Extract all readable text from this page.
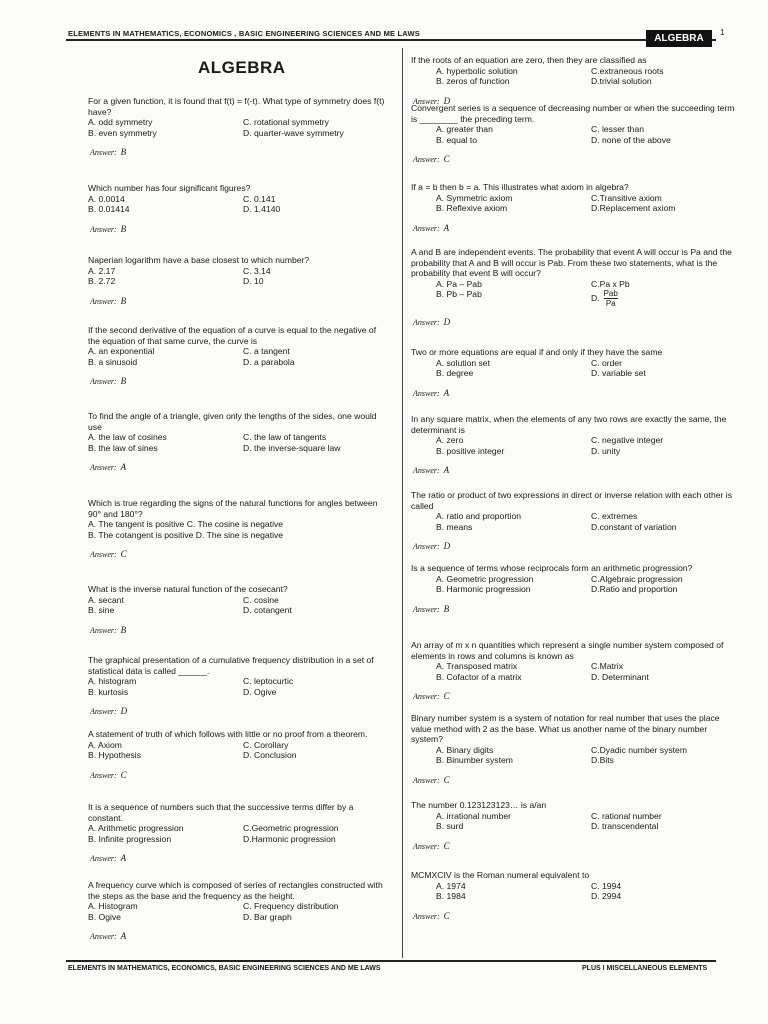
ELEMENTS IN MATHEMATICS, ECONOMICS , BASIC ENGINEERING SCIENCES AND ME LAWS	ALGEBRA
1
ALGEBRA

For a given function, it is found that f(t) = f(-t). What type of symmetry does f(t) have?

A. odd symmetry	C. rotational symmetry
B. even symmetry	D. quarter-wave symmetry
Answer: B

Which number has four significant figures?

A. 0.0014	C. 0.141
B. 0.01414	D. 1.4140
Answer: B

Naperian logarithm have a base closest to which number?

A. 2.17	C. 3.14
B. 2.72	D. 10
Answer: B

If the second derivative of the equation of a curve is equal to the negative of the equation of that same curve, the curve is

A. an exponential	C. a tangent
B. a sinusoid	D. a parabola
Answer: B

To find the angle of a triangle, given only the lengths of the sides, one would use

A. the law of cosines	C. the law of tangents
B. the law of sines	D. the inverse-square law
Answer: A

Which is true regarding the signs of the natural functions for angles between 90° and 180°?

A. The tangent is positive C. The cosine is negative
B. The cotangent is positive D. The sine is negative
Answer: C

What is the inverse natural function of the cosecant?

A. secant	C. cosine
B. sine	D. cotangent
Answer: B

The graphical presentation of a cumulative frequency distribution in a set of statistical data is called ______.

A. histogram	C. leptocurtic
B. kurtosis	D. Ogive
Answer: D

A statement of truth of which follows with little or no proof from a theorem.

A. Axiom	C. Corollary
B. Hypothesis	D. Conclusion
Answer: C

It is a sequence of numbers such that the successive terms differ by a constant.

A. Arithmetic progression	C.Geometric progression
B. Infinite progression	D.Harmonic progression
Answer: A

A frequency curve which is composed of series of rectangles constructed with the steps as the base and the frequency as the height.

A. Histogram	C. Frequency distribution
B. Ogive	D. Bar graph
Answer: A

If the roots of an equation are zero, then they are classified as

A. hyperbolic solution	C.extraneous roots
B. zeros of function	D.trivial solution
Answer: D

Convergent series is a sequence of decreasing number or when the succeeding term is ________ the preceding term.

A. greater than	C. lesser than
B. equal to	D. none of the above
Answer: C

If a = b then b = a. This illustrates what axiom in algebra?

A. Symmetric axiom	C.Transitive axiom
B. Reflexive axiom	D.Replacement axiom
Answer: A

A and B are independent events. The probability that event A will occur is Pa and the probability that A and B will occur is Pab. From these two statements, what is the probability that event B will occur?

A. Pa – Pab	C.Pa x Pb
B. Pb – Pab	D. $\frac{\text{Pab}}{Pa}$
Answer: D

Two or more equations are equal if and only if they have the same

A. solution set	C. order
B. degree	D. variable set
Answer: A

In any square matrix, when the elements of any two rows are exactly the same, the determinant is

A. zero	C. negative integer
B. positive integer	D. unity
Answer: A

The ratio or product of two expressions in direct or inverse relation with each other is called

A. ratio and proportion	C. extremes
B. means	D.constant of variation
Answer: D

Is a sequence of terms whose reciprocals form an arithmetic progression?

A. Geometric progression	C.Algebraic progression
B. Harmonic progression	D.Ratio and proportion
Answer: B

An array of m x n quantities which represent a single number system composed of elements in rows and columns is known as

A. Transposed matrix	C.Matrix
B. Cofactor of a matrix	D. Determinant
Answer: C

Binary number system is a system of notation for real number that uses the place value method with 2 as the base. What us another name of the binary number system?

A. Binary digits	C.Dyadic number system
B. Binumber system	D.Bits
Answer: C

The number 0.123123123… is a/an

A. irrational number	C. rational number
B. surd	D. transcendental
Answer: C

MCMXCIV is the Roman numeral equivalent to

A. 1974	C. 1994
B. 1984	D. 2994
Answer: C
ELEMENTS IN MATHEMATICS, ECONOMICS, BASIC ENGINEERING SCIENCES AND ME LAWS	PLUS I MISCELLANEOUS ELEMENTS
